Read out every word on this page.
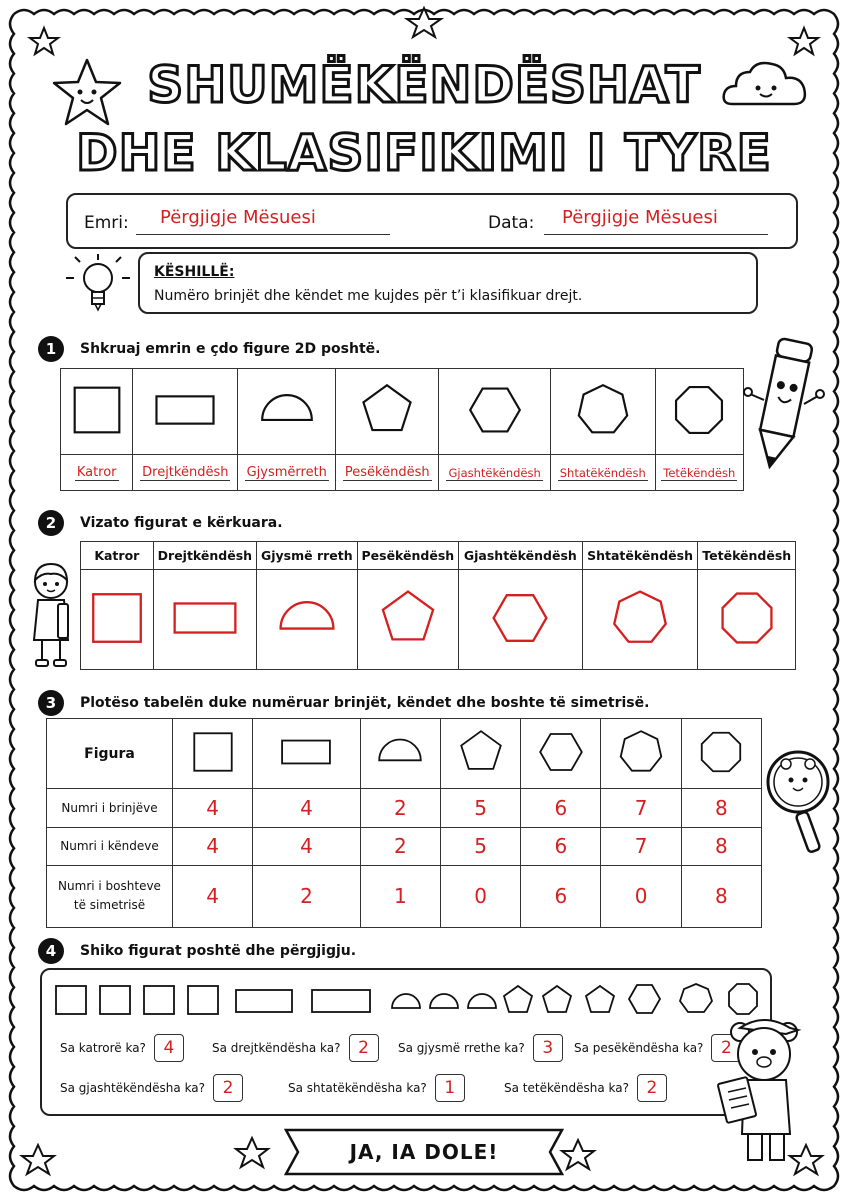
SHUMËKËNDËSHAT
DHE KLASIFIKIMI I TYRE
Emri: Përgjigje Mësuesi	Data: Përgjigje Mësuesi
KËSHILLË:
Numëro brinjët dhe këndet me kujdes për t’i klasifikuar drejt.
1	Shkruaj emrin e çdo figure 2D poshtë.

Katror	Drejtkëndësh	Gjysmërreth	Pesëkëndësh	Gjashtëkëndësh	Shtatëkëndësh	Tetëkëndësh
2	Vizato figurat e kërkuara.
Katror	Drejtkëndësh	Gjysmë rreth	Pesëkëndësh	Gjashtëkëndësh	Shtatëkëndësh	Tetëkëndësh

3	Plotëso tabelën duke numëruar brinjët, këndet dhe boshte të simetrisë.
Figura							
Numri i brinjëve	4	4	2	5	6	7	8
Numri i këndeve	4	4	2	5	6	7	8
Numri i boshteve
të simetrisë	4	2	1	0	6	0	8
4	Shiko figurat poshtë dhe përgjigju.
Sa katrorë ka?	4	Sa drejtkëndësha ka?	2	Sa gjysmë rrethe ka?	3	Sa pesëkëndësha ka?	2
Sa gjashtëkëndësha ka?	2	Sa shtatëkëndësha ka?	1	Sa tetëkëndësha ka?	2
JA, IA DOLE!
